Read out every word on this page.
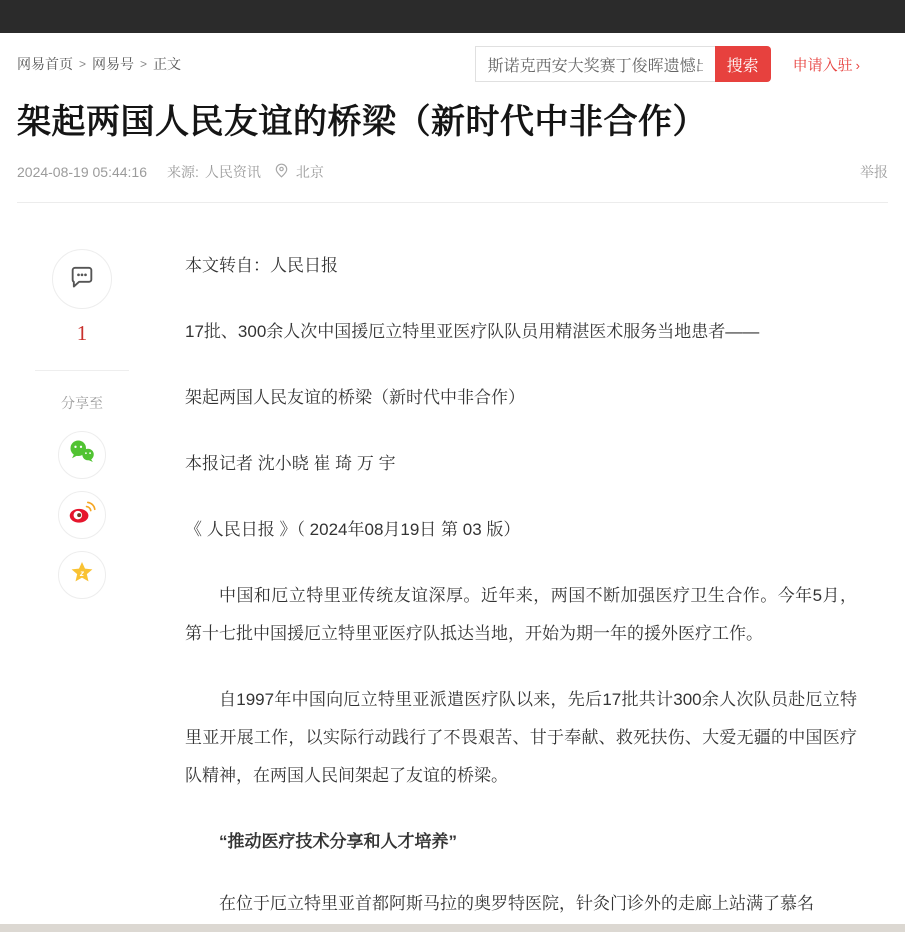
网易首页 > 网易号 > 正文
斯诺克西安大奖赛丁俊晖遗憾出局	搜索	申请入驻 ›
架起两国人民友谊的桥梁（新时代中非合作）
2024-08-19 05:44:16 来源: 人民资讯	北京	举报
1
分享至
z

本文转自：人民日报

17批、300余人次中国援厄立特里亚医疗队队员用精湛医术服务当地患者——

架起两国人民友谊的桥梁（新时代中非合作）

本报记者 沈小晓 崔 琦 万 宇

《 人民日报 》（ 2024年08月19日 第 03 版）

中国和厄立特里亚传统友谊深厚。近年来，两国不断加强医疗卫生合作。今年5月，第十七批中国援厄立特里亚医疗队抵达当地，开始为期一年的援外医疗工作。

自1997年中国向厄立特里亚派遣医疗队以来，先后17批共计300余人次队员赴厄立特里亚开展工作，以实际行动践行了不畏艰苦、甘于奉献、救死扶伤、大爱无疆的中国医疗队精神，在两国人民间架起了友谊的桥梁。

“推动医疗技术分享和人才培养”

在位于厄立特里亚首都阿斯马拉的奥罗特医院，针灸门诊外的走廊上站满了慕名
